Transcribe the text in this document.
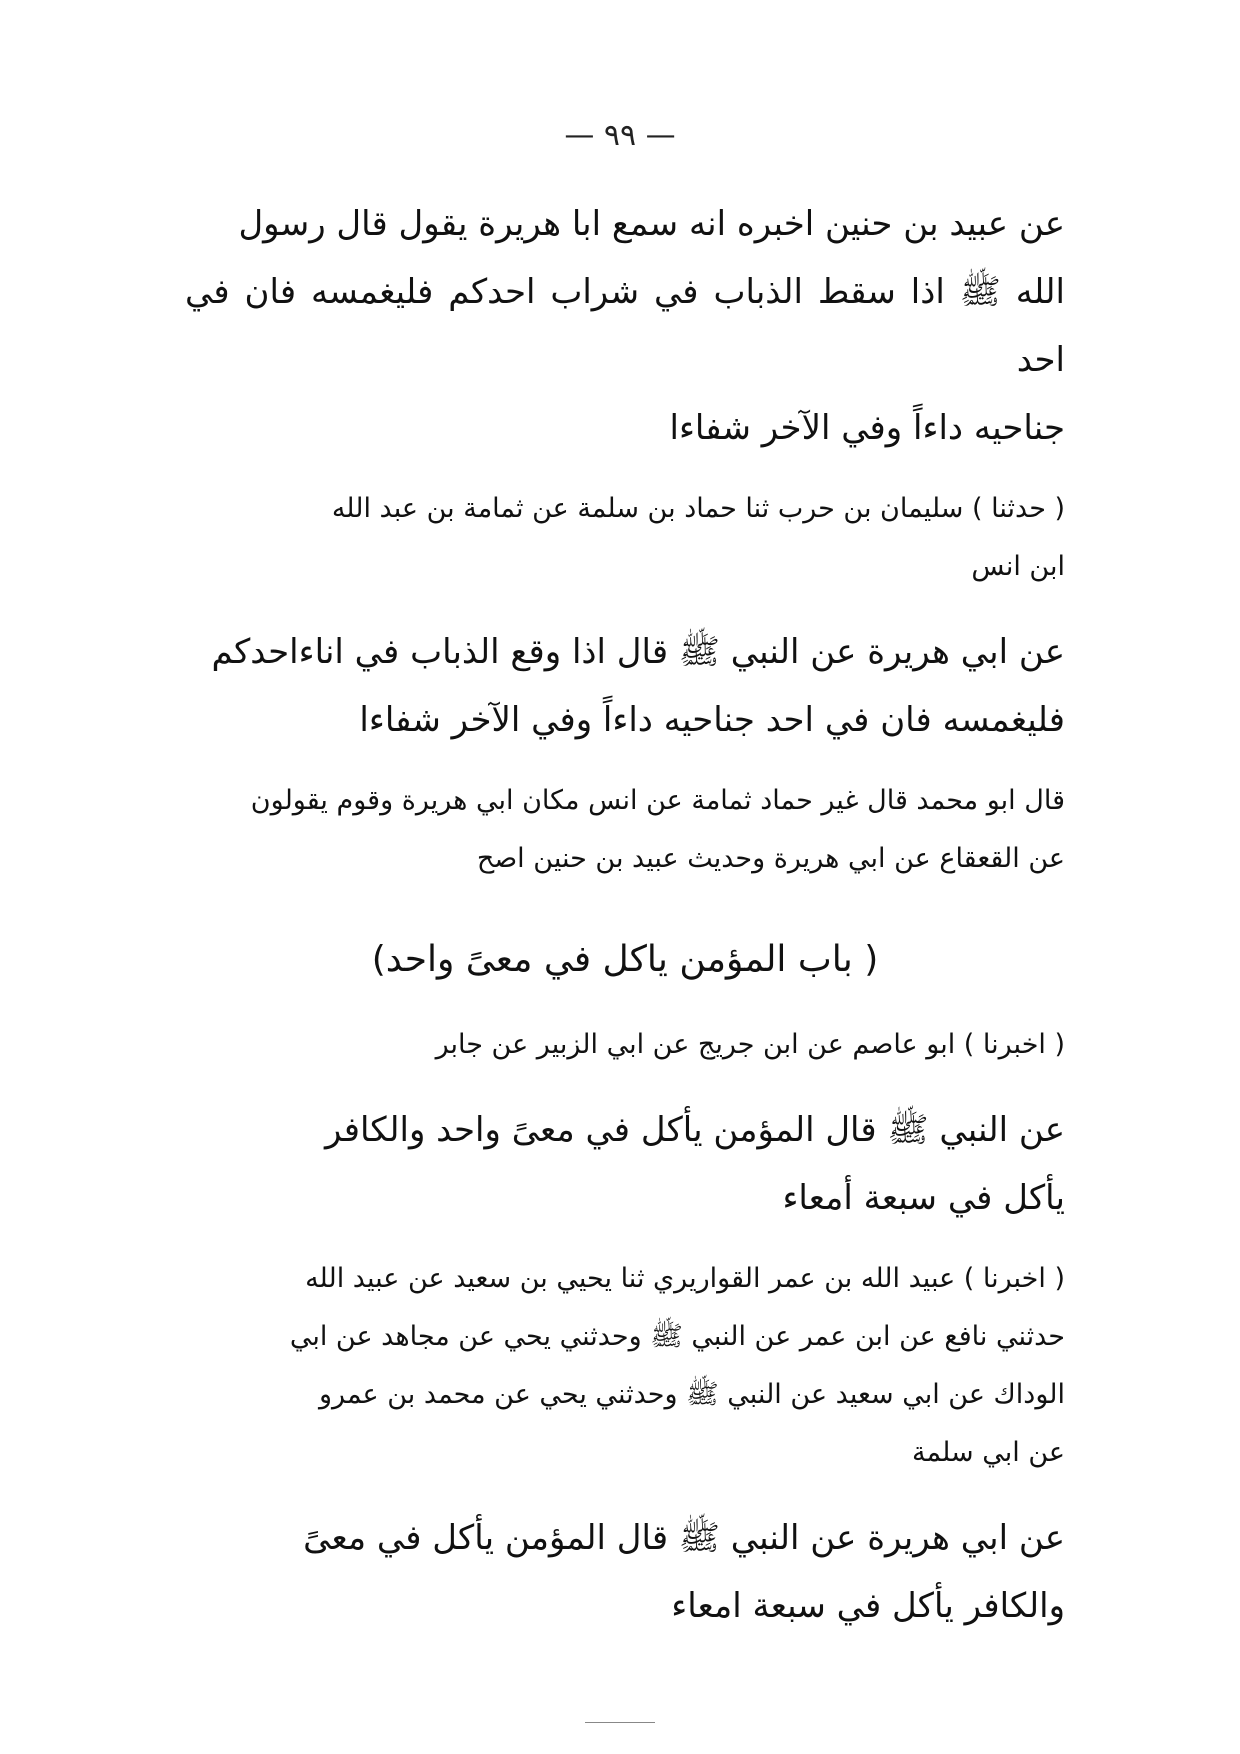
— ٩٩ —

عن عبيد بن حنين اخبره انه سمع ابا هريرة يقول قال رسول
الله ﷺ اذا سقط الذباب في شراب احدكم فليغمسه فان في احد
جناحيه داءاً وفي الآخر شفاءا

( حدثنا ) سليمان بن حرب ثنا حماد بن سلمة عن ثمامة بن عبد الله
ابن انس

عن ابي هريرة عن النبي ﷺ قال اذا وقع الذباب في اناءاحدكم
فليغمسه فان في احد جناحيه داءاً وفي الآخر شفاءا

قال ابو محمد قال غير حماد ثمامة عن انس مكان ابي هريرة وقوم يقولون
عن القعقاع عن ابي هريرة وحديث عبيد بن حنين اصح

( باب المؤمن ياكل في معىً واحد)

( اخبرنا ) ابو عاصم عن ابن جريج عن ابي الزبير عن جابر

عن النبي ﷺ قال المؤمن يأكل في معىً واحد والكافر
يأكل في سبعة أمعاء

( اخبرنا ) عبيد الله بن عمر القواريري ثنا يحيي بن سعيد عن عبيد الله
حدثني نافع عن ابن عمر عن النبي ﷺ وحدثني يحي عن مجاهد عن ابي
الوداك عن ابي سعيد عن النبي ﷺ وحدثني يحي عن محمد بن عمرو
عن ابي سلمة

عن ابي هريرة عن النبي ﷺ قال المؤمن يأكل في معىً
والكافر يأكل في سبعة امعاء
